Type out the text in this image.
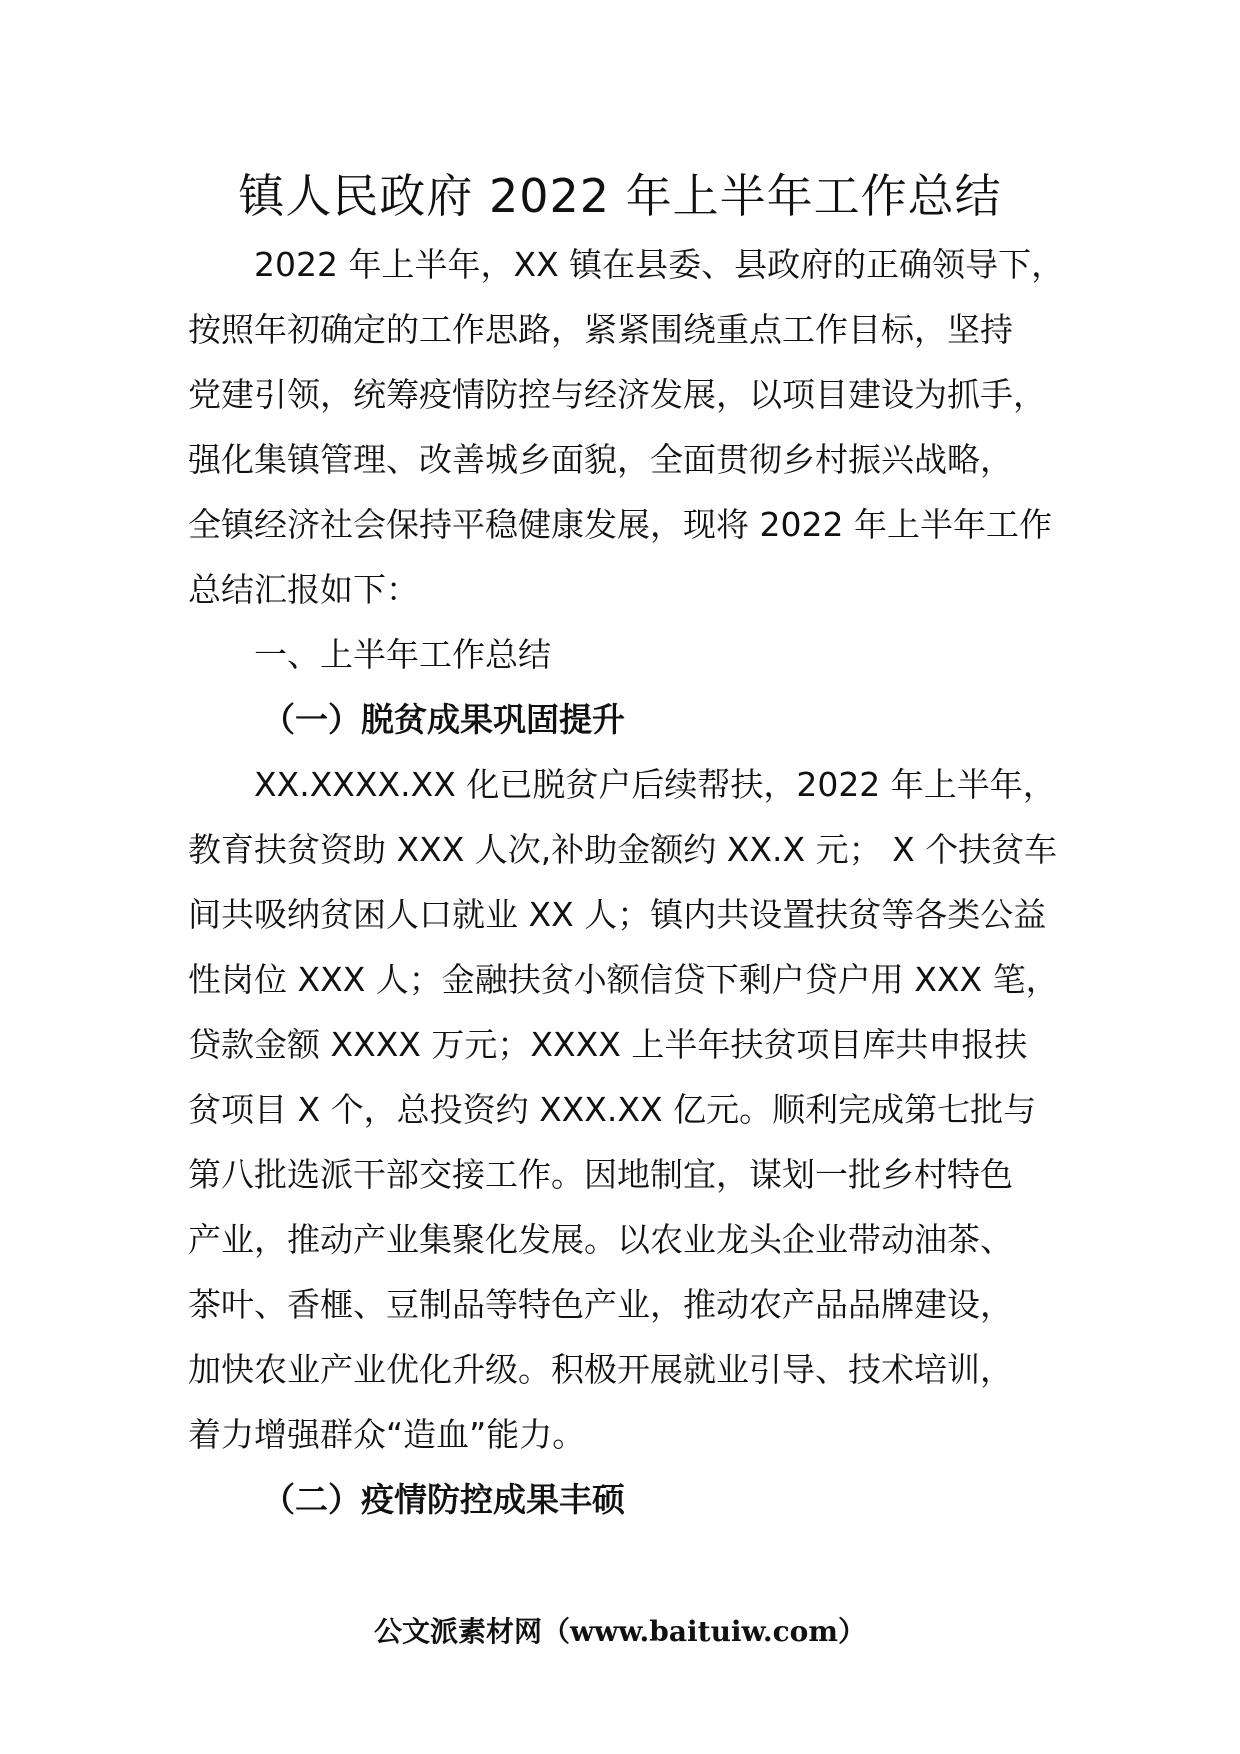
镇人民政府 2022 年上半年工作总结
2022 年上半年，XX 镇在县委、县政府的正确领导下，
按照年初确定的工作思路，紧紧围绕重点工作目标，坚持
党建引领，统筹疫情防控与经济发展，以项目建设为抓手，
强化集镇管理、改善城乡面貌，全面贯彻乡村振兴战略，
全镇经济社会保持平稳健康发展，现将 2022 年上半年工作
总结汇报如下：
一、上半年工作总结
（一）脱贫成果巩固提升
XX.XXXX.XX 化已脱贫户后续帮扶，2022 年上半年，
教育扶贫资助 XXX 人次,补助金额约 XX.X 元； X 个扶贫车
间共吸纳贫困人口就业 XX 人；镇内共设置扶贫等各类公益
性岗位 XXX 人；金融扶贫小额信贷下剩户贷户用 XXX 笔，
贷款金额 XXXX 万元；XXXX 上半年扶贫项目库共申报扶
贫项目 X 个，总投资约 XXX.XX 亿元。顺利完成第七批与
第八批选派干部交接工作。因地制宜，谋划一批乡村特色
产业，推动产业集聚化发展。以农业龙头企业带动油茶、
茶叶、香榧、豆制品等特色产业，推动农产品品牌建设，
加快农业产业优化升级。积极开展就业引导、技术培训，
着力增强群众“造血”能力。
（二）疫情防控成果丰硕
公文派素材网（www.baituiw.com）
